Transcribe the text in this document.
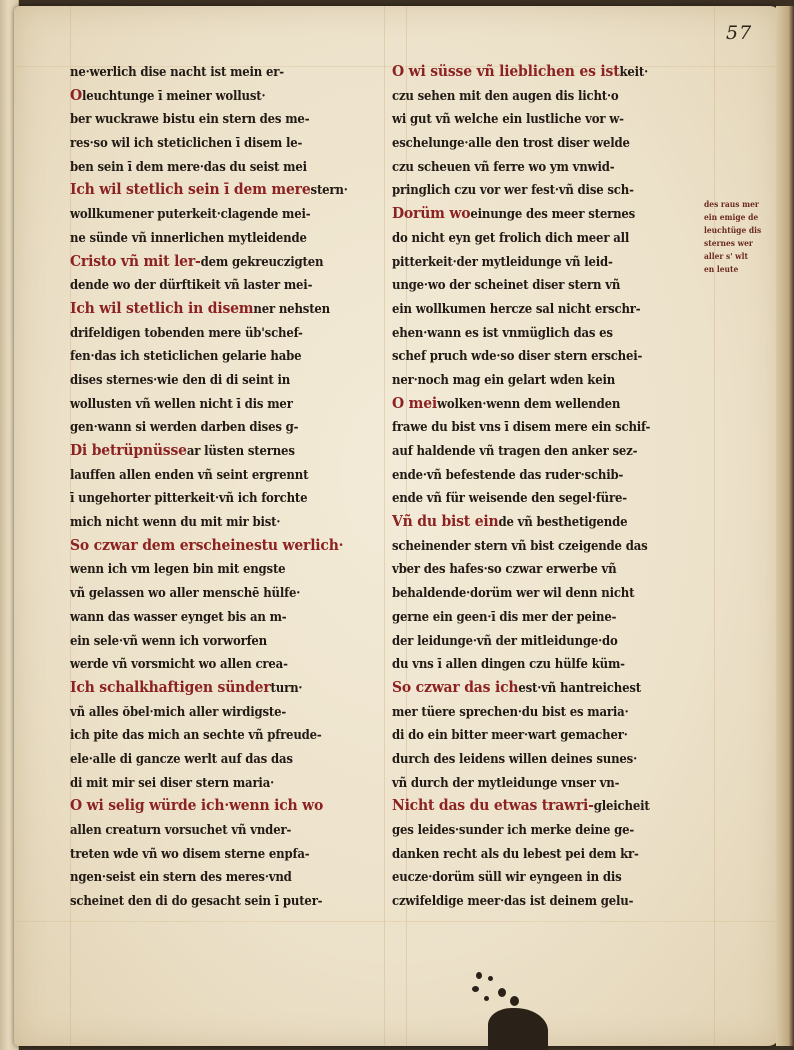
57
ne·werlich dise nacht ist mein er-
Oleuchtunge ī meiner wollust·
ber wuckrawe bistu ein stern des me-
res·so wil ich steticlichen ī disem le-
ben sein ī dem mere·das du seist mei
Ich wil stetlich sein ī dem merestern·
wollkumener puterkeit·clagende mei-
ne sünde vñ innerlichen mytleidende
Cristo vñ mit ler-dem gekreuczigten
dende wo der dürftikeit vñ laster mei-
Ich wil stetlich in disemner nehsten
drifeldigen tobenden mere üb'schef-
fen·das ich steticlichen gelarie habe
dises sternes·wie den di di seint in
wollusten vñ wellen nicht ī dis mer
gen·wann si werden darben dises g-
Di betrüpnüssear lüsten sternes
lauffen allen enden vñ seint ergrennt
ī ungehorter pitterkeit·vñ ich forchte
mich nicht wenn du mit mir bist·
So czwar dem erscheinestu werlich·
wenn ich vm legen bin mit engste
vñ gelassen wo aller menschē hülfe·
wann das wasser eynget bis an m-
ein sele·vñ wenn ich vorworfen
werde vñ vorsmicht wo allen crea-
Ich schalkhaftigen sünderturn·
vñ alles ŏbel·mich aller wirdigste-
ich pite das mich an sechte vñ pfreude-
ele·alle di gancze werlt auf das das
di mit mir sei diser stern maria·
O wi selig würde ich·wenn ich wo
allen creaturn vorsuchet vñ vnder-
treten wde vñ wo disem sterne enpfa-
ngen·seist ein stern des meres·vnd
scheinet den di do gesacht sein ī puter-
O wi süsse vñ lieblichen es istkeit·
czu sehen mit den augen dis licht·o
wi gut vñ welche ein lustliche vor w-
eschelunge·alle den trost diser welde
czu scheuen vñ ferre wo ym vnwid-
pringlich czu vor wer fest·vñ dise sch-
Dorüm woeinunge des meer sternes
do nicht eyn get frolich dich meer all
pitterkeit·der mytleidunge vñ leid-
unge·wo der scheinet diser stern vñ
ein wollkumen hercze sal nicht erschr-
ehen·wann es ist vnmüglich das es
schef pruch wde·so diser stern erschei-
ner·noch mag ein gelart wden kein
O meiwolken·wenn dem wellenden
frawe du bist vns ī disem mere ein schif-
auf haldende vñ tragen den anker sez-
ende·vñ befestende das ruder·schib-
ende vñ für weisende den segel·füre-
Vñ du bist einde vñ besthetigende
scheinender stern vñ bist czeigende das
vber des hafes·so czwar erwerbe vñ
behaldende·dorüm wer wil denn nicht
gerne ein geen·ī dis mer der peine-
der leidunge·vñ der mitleidunge·do
du vns ī allen dingen czu hülfe küm-
So czwar das ichest·vñ hantreichest
mer tüere sprechen·du bist es maria·
di do ein bitter meer·wart gemacher·
durch des leidens willen deines sunes·
vñ durch der mytleidunge vnser vn-
Nicht das du etwas trawri-gleicheit
ges leides·sunder ich merke deine ge-
danken recht als du lebest pei dem kr-
euсze·dorüm süll wir eyngeen in dis
czwifeldige meer·das ist deinem gelu-
des raus mer
ein emige de
leuchtüge dis
sternes wer
aller s' wlt
en leute
